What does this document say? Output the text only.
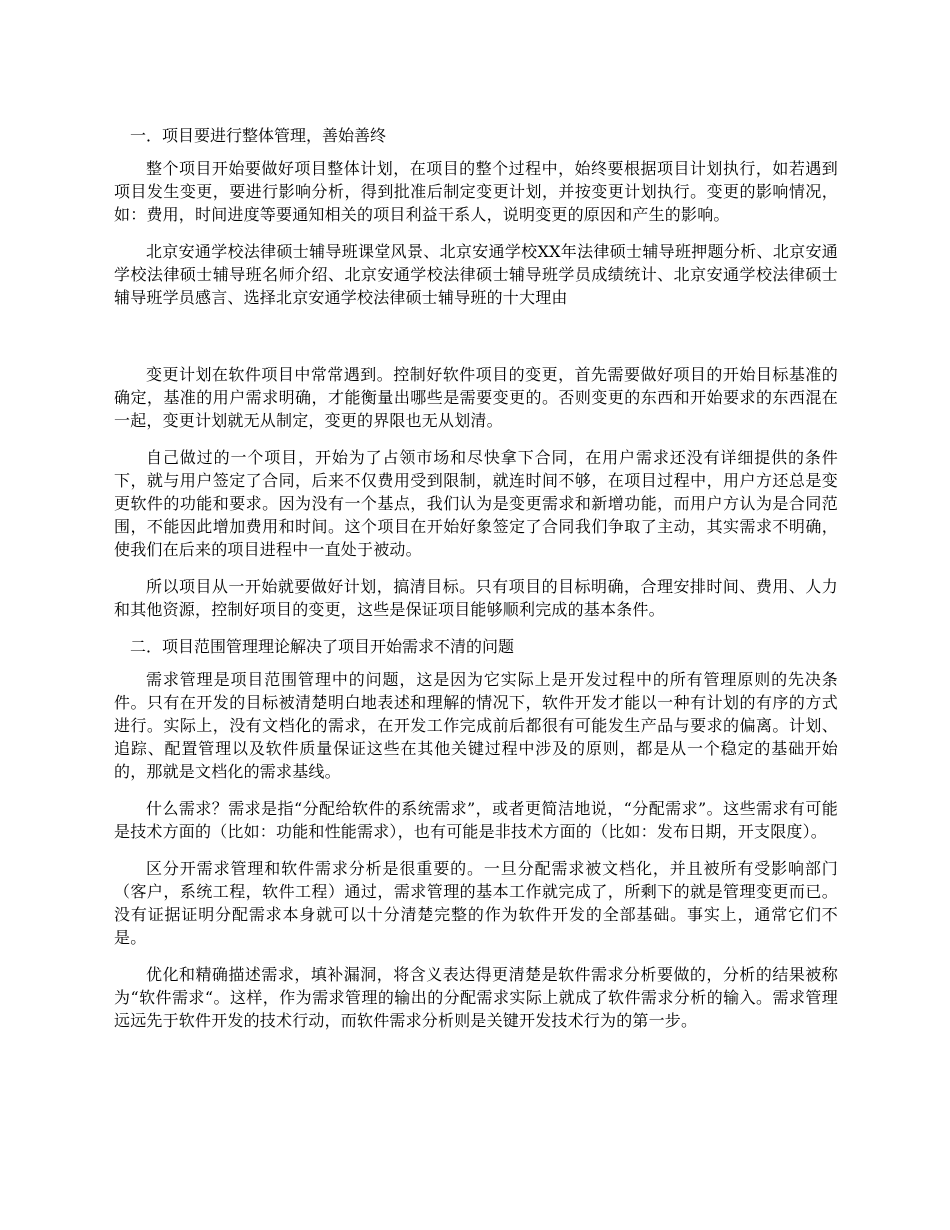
一．项目要进行整体管理，善始善终

整个项目开始要做好项目整体计划，在项目的整个过程中，始终要根据项目计划执行，如若遇到项目发生变更，要进行影响分析，得到批准后制定变更计划，并按变更计划执行。变更的影响情况，如：费用，时间进度等要通知相关的项目利益干系人，说明变更的原因和产生的影响。

北京安通学校法律硕士辅导班课堂风景、北京安通学校XX年法律硕士辅导班押题分析、北京安通学校法律硕士辅导班名师介绍、北京安通学校法律硕士辅导班学员成绩统计、北京安通学校法律硕士辅导班学员感言、选择北京安通学校法律硕士辅导班的十大理由

变更计划在软件项目中常常遇到。控制好软件项目的变更，首先需要做好项目的开始目标基准的确定，基准的用户需求明确，才能衡量出哪些是需要变更的。否则变更的东西和开始要求的东西混在一起，变更计划就无从制定，变更的界限也无从划清。

自己做过的一个项目，开始为了占领市场和尽快拿下合同，在用户需求还没有详细提供的条件下，就与用户签定了合同，后来不仅费用受到限制，就连时间不够，在项目过程中，用户方还总是变更软件的功能和要求。因为没有一个基点，我们认为是变更需求和新增功能，而用户方认为是合同范围，不能因此增加费用和时间。这个项目在开始好象签定了合同我们争取了主动，其实需求不明确，使我们在后来的项目进程中一直处于被动。

所以项目从一开始就要做好计划，搞清目标。只有项目的目标明确，合理安排时间、费用、人力和其他资源，控制好项目的变更，这些是保证项目能够顺利完成的基本条件。

二．项目范围管理理论解决了项目开始需求不清的问题

需求管理是项目范围管理中的问题，这是因为它实际上是开发过程中的所有管理原则的先决条件。只有在开发的目标被清楚明白地表述和理解的情况下，软件开发才能以一种有计划的有序的方式进行。实际上，没有文档化的需求，在开发工作完成前后都很有可能发生产品与要求的偏离。计划、追踪、配置管理以及软件质量保证这些在其他关键过程中涉及的原则，都是从一个稳定的基础开始的，那就是文档化的需求基线。

什么需求？需求是指“分配给软件的系统需求”，或者更简洁地说，“分配需求”。这些需求有可能是技术方面的（比如：功能和性能需求），也有可能是非技术方面的（比如：发布日期，开支限度）。

区分开需求管理和软件需求分析是很重要的。一旦分配需求被文档化，并且被所有受影响部门（客户，系统工程，软件工程）通过，需求管理的基本工作就完成了，所剩下的就是管理变更而已。没有证据证明分配需求本身就可以十分清楚完整的作为软件开发的全部基础。事实上，通常它们不是。

优化和精确描述需求，填补漏洞，将含义表达得更清楚是软件需求分析要做的，分析的结果被称为“软件需求“。这样，作为需求管理的输出的分配需求实际上就成了软件需求分析的输入。需求管理远远先于软件开发的技术行动，而软件需求分析则是关键开发技术行为的第一步。
